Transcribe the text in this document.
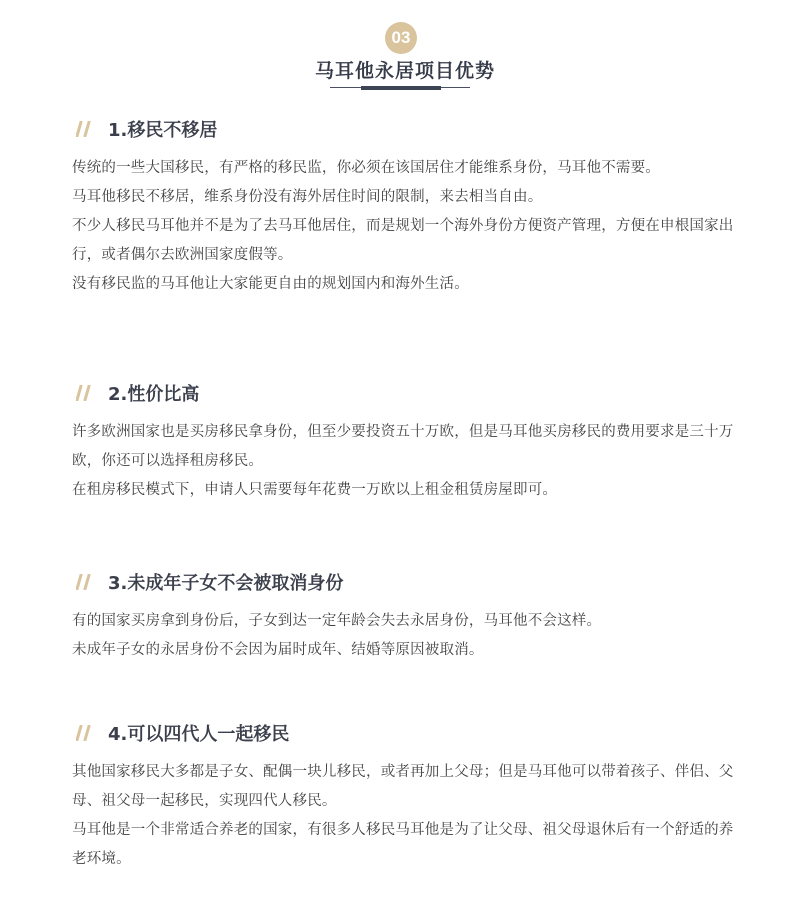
03
马耳他永居项目优势
1.移民不移居

传统的一些大国移民，有严格的移民监，你必须在该国居住才能维系身份，马耳他不需要。

马耳他移民不移居，维系身份没有海外居住时间的限制，来去相当自由。

不少人移民马耳他并不是为了去马耳他居住，而是规划一个海外身份方便资产管理，方便在申根国家出行，或者偶尔去欧洲国家度假等。

没有移民监的马耳他让大家能更自由的规划国内和海外生活。

2.性价比高

许多欧洲国家也是买房移民拿身份，但至少要投资五十万欧，但是马耳他买房移民的费用要求是三十万欧，你还可以选择租房移民。

在租房移民模式下，申请人只需要每年花费一万欧以上租金租赁房屋即可。

3.未成年子女不会被取消身份

有的国家买房拿到身份后，子女到达一定年龄会失去永居身份，马耳他不会这样。

未成年子女的永居身份不会因为届时成年、结婚等原因被取消。

4.可以四代人一起移民

其他国家移民大多都是子女、配偶一块儿移民，或者再加上父母；但是马耳他可以带着孩子、伴侣、父母、祖父母一起移民，实现四代人移民。

马耳他是一个非常适合养老的国家，有很多人移民马耳他是为了让父母、祖父母退休后有一个舒适的养老环境。
